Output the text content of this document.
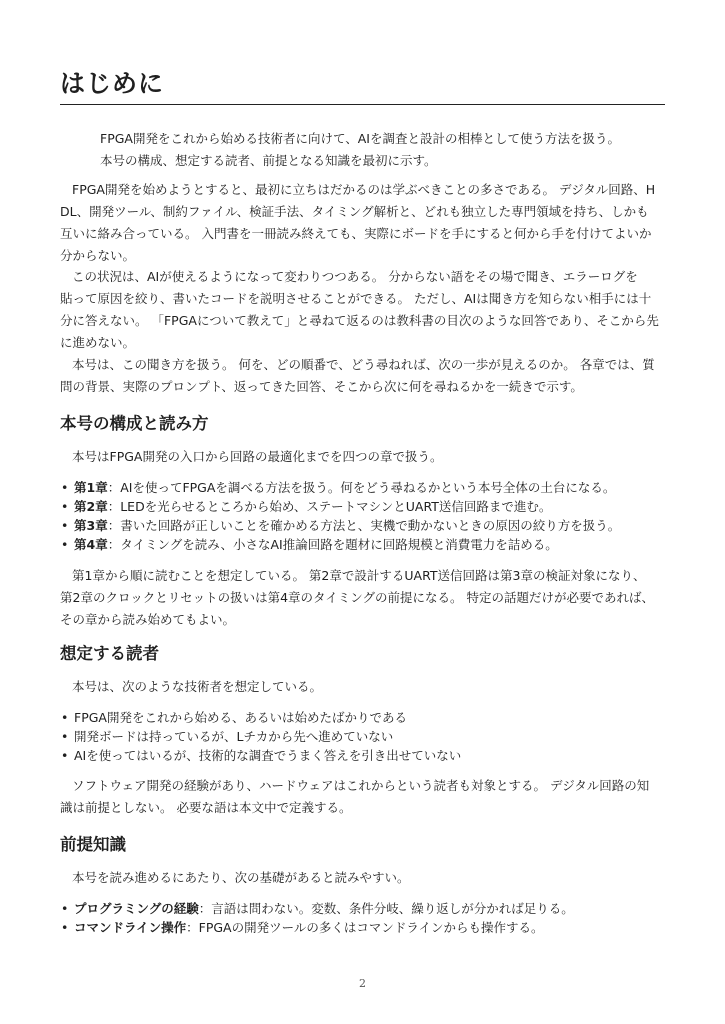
はじめに

FPGA開発をこれから始める技術者に向けて、AIを調査と設計の相棒として使う方法を扱う。

本号の構成、想定する読者、前提となる知識を最初に示す。

FPGA開発を始めようとすると、最初に立ちはだかるのは学ぶべきことの多さである。 デジタル回路、H

DL、開発ツール、制約ファイル、検証手法、タイミング解析と、どれも独立した専門領域を持ち、しかも

互いに絡み合っている。 入門書を一冊読み終えても、実際にボードを手にすると何から手を付けてよいか

分からない。

この状況は、AIが使えるようになって変わりつつある。 分からない語をその場で聞き、エラーログを

貼って原因を絞り、書いたコードを説明させることができる。 ただし、AIは聞き方を知らない相手には十

分に答えない。 「FPGAについて教えて」と尋ねて返るのは教科書の目次のような回答であり、そこから先

に進めない。

本号は、この聞き方を扱う。 何を、どの順番で、どう尋ねれば、次の一歩が見えるのか。 各章では、質

問の背景、実際のプロンプト、返ってきた回答、そこから次に何を尋ねるかを一続きで示す。

本号の構成と読み方

本号はFPGA開発の入口から回路の最適化までを四つの章で扱う。

• 第1章：AIを使ってFPGAを調べる方法を扱う。何をどう尋ねるかという本号全体の土台になる。
• 第2章：LEDを光らせるところから始め、ステートマシンとUART送信回路まで進む。
• 第3章：書いた回路が正しいことを確かめる方法と、実機で動かないときの原因の絞り方を扱う。
• 第4章：タイミングを読み、小さなAI推論回路を題材に回路規模と消費電力を詰める。

第1章から順に読むことを想定している。 第2章で設計するUART送信回路は第3章の検証対象になり、

第2章のクロックとリセットの扱いは第4章のタイミングの前提になる。 特定の話題だけが必要であれば、

その章から読み始めてもよい。

想定する読者

本号は、次のような技術者を想定している。

• FPGA開発をこれから始める、あるいは始めたばかりである
• 開発ボードは持っているが、Lチカから先へ進めていない
• AIを使ってはいるが、技術的な調査でうまく答えを引き出せていない

ソフトウェア開発の経験があり、ハードウェアはこれからという読者も対象とする。 デジタル回路の知

識は前提としない。 必要な語は本文中で定義する。

前提知識

本号を読み進めるにあたり、次の基礎があると読みやすい。

• プログラミングの経験：言語は問わない。変数、条件分岐、繰り返しが分かれば足りる。
• コマンドライン操作：FPGAの開発ツールの多くはコマンドラインからも操作する。
2
